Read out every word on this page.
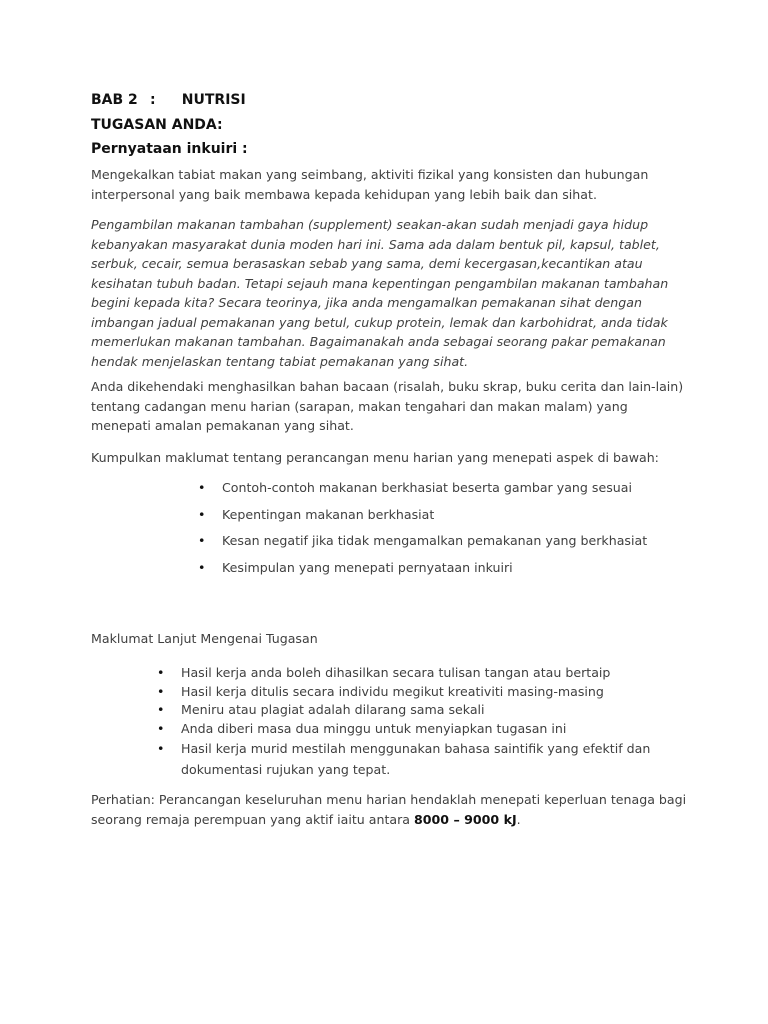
BAB 2 : NUTRISI
TUGASAN ANDA:
Pernyataan inkuiri :

Mengekalkan tabiat makan yang seimbang, aktiviti fizikal yang konsisten dan hubungan interpersonal yang baik membawa kepada kehidupan yang lebih baik dan sihat.

Pengambilan makanan tambahan (supplement) seakan-akan sudah menjadi gaya hidup kebanyakan masyarakat dunia moden hari ini. Sama ada dalam bentuk pil, kapsul, tablet, serbuk, cecair, semua berasaskan sebab yang sama, demi kecergasan,kecantikan atau kesihatan tubuh badan. Tetapi sejauh mana kepentingan pengambilan makanan tambahan begini kepada kita? Secara teorinya, jika anda mengamalkan pemakanan sihat dengan imbangan jadual pemakanan yang betul, cukup protein, lemak dan karbohidrat, anda tidak memerlukan makanan tambahan. Bagaimanakah anda sebagai seorang pakar pemakanan hendak menjelaskan tentang tabiat pemakanan yang sihat.

Anda dikehendaki menghasilkan bahan bacaan (risalah, buku skrap, buku cerita dan lain-lain) tentang cadangan menu harian (sarapan, makan tengahari dan makan malam) yang menepati amalan pemakanan yang sihat.

Kumpulkan maklumat tentang perancangan menu harian yang menepati aspek di bawah:

• Contoh-contoh makanan berkhasiat beserta gambar yang sesuai
• Kepentingan makanan berkhasiat
• Kesan negatif jika tidak mengamalkan pemakanan yang berkhasiat
• Kesimpulan yang menepati pernyataan inkuiri

Maklumat Lanjut Mengenai Tugasan

• Hasil kerja anda boleh dihasilkan secara tulisan tangan atau bertaip
• Hasil kerja ditulis secara individu megikut kreativiti masing-masing
• Meniru atau plagiat adalah dilarang sama sekali
• Anda diberi masa dua minggu untuk menyiapkan tugasan ini
• Hasil kerja murid mestilah menggunakan bahasa saintifik yang efektif dan dokumentasi rujukan yang tepat.

Perhatian: Perancangan keseluruhan menu harian hendaklah menepati keperluan tenaga bagi seorang remaja perempuan yang aktif iaitu antara 8000 – 9000 kJ.
